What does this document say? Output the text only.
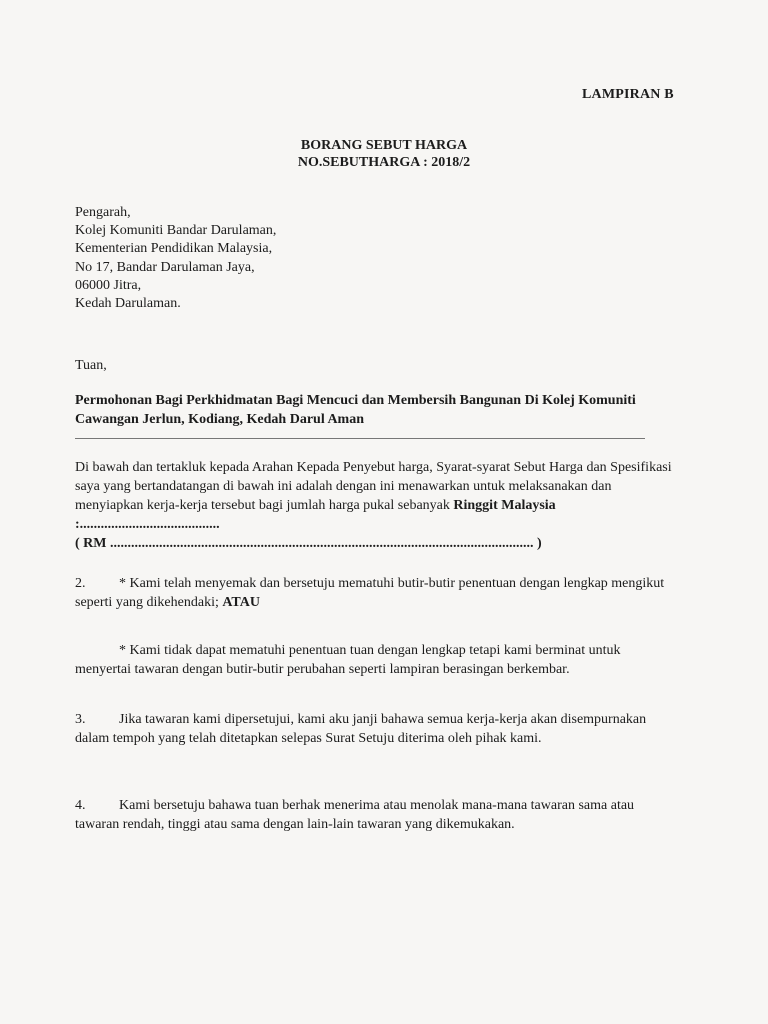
LAMPIRAN B
BORANG SEBUT HARGA
NO.SEBUTHARGA : 2018/2
Pengarah,
Kolej Komuniti Bandar Darulaman,
Kementerian Pendidikan Malaysia,
No 17, Bandar Darulaman Jaya,
06000 Jitra,
Kedah Darulaman.
Tuan,
Permohonan Bagi Perkhidmatan Bagi Mencuci dan Membersih Bangunan Di Kolej Komuniti Cawangan Jerlun, Kodiang, Kedah Darul Aman
Di bawah dan tertakluk kepada Arahan Kepada Penyebut harga, Syarat-syarat Sebut Harga dan Spesifikasi saya yang bertandatangan di bawah ini adalah dengan ini menawarkan untuk melaksanakan dan menyiapkan kerja-kerja tersebut bagi jumlah harga pukal sebanyak Ringgit Malaysia :........................................
( RM ......................................................................................................................... )
2. * Kami telah menyemak dan bersetuju mematuhi butir-butir penentuan dengan lengkap mengikut seperti yang dikehendaki; ATAU
* Kami tidak dapat mematuhi penentuan tuan dengan lengkap tetapi kami berminat untuk menyertai tawaran dengan butir-butir perubahan seperti lampiran berasingan berkembar.
3. Jika tawaran kami dipersetujui, kami aku janji bahawa semua kerja-kerja akan disempurnakan dalam tempoh yang telah ditetapkan selepas Surat Setuju diterima oleh pihak kami.
4. Kami bersetuju bahawa tuan berhak menerima atau menolak mana-mana tawaran sama atau tawaran rendah, tinggi atau sama dengan lain-lain tawaran yang dikemukakan.
